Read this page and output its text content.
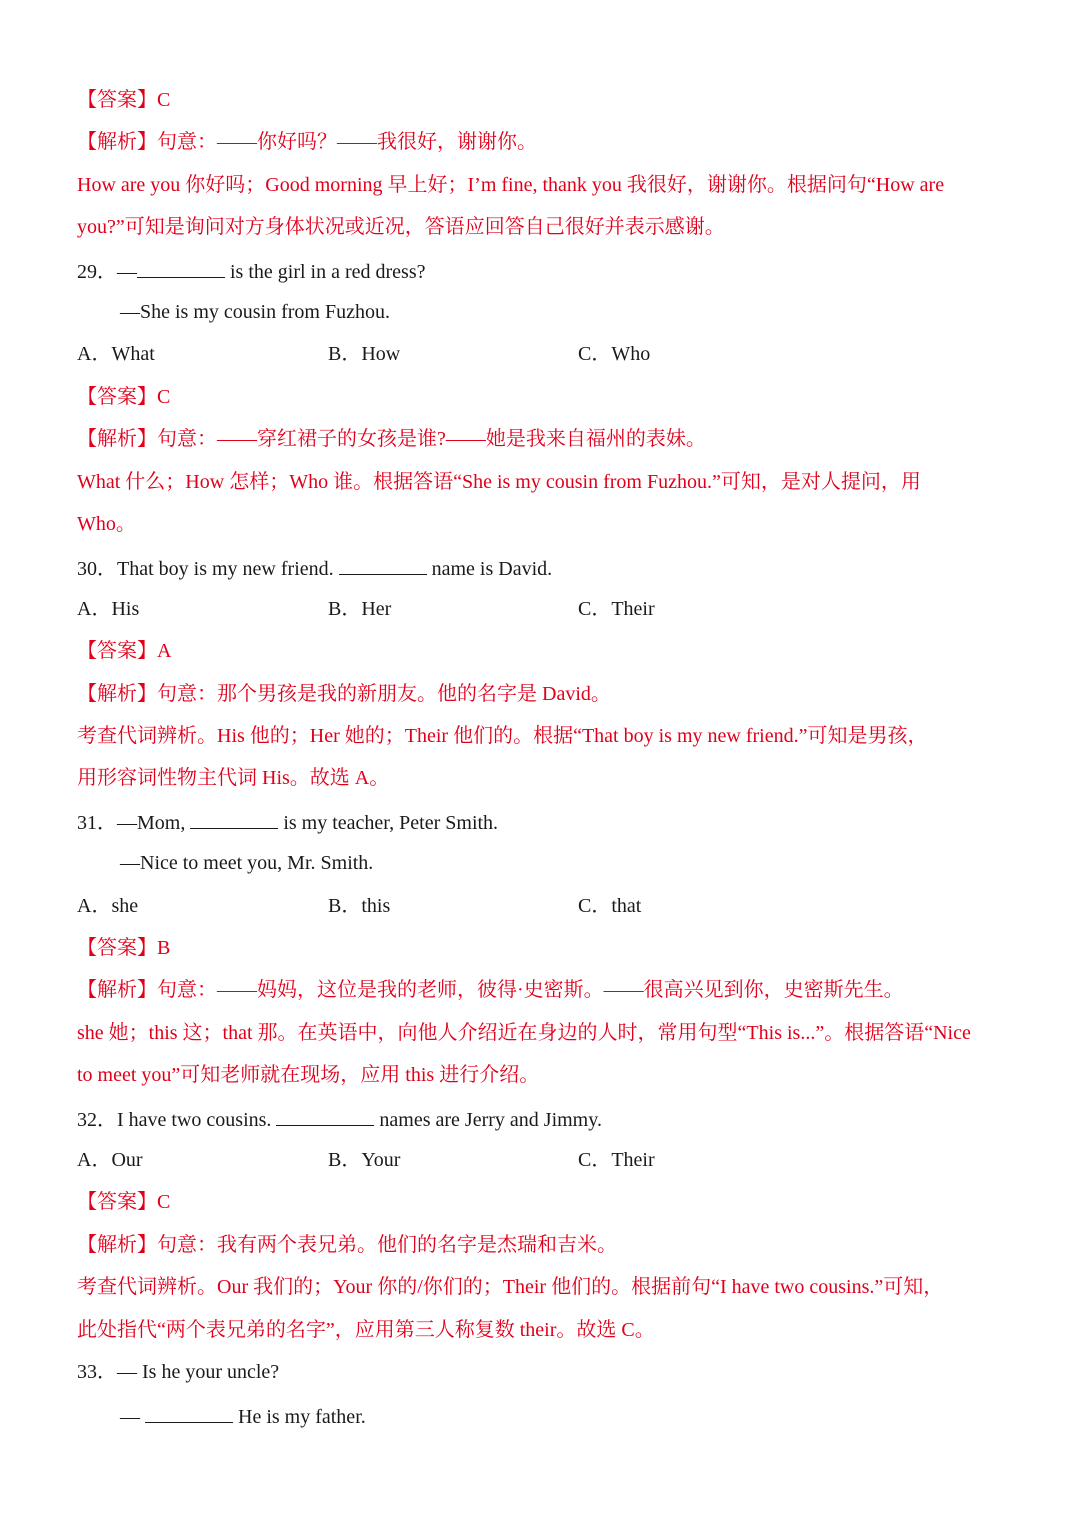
【答案】C
【解析】句意：——你好吗？——我很好，谢谢你。
How are you 你好吗；Good morning 早上好；I’m fine, thank you 我很好，谢谢你。根据问句“How are
you?”可知是询问对方身体状况或近况，答语应回答自己很好并表示感谢。
29．—	is the girl in a red dress?
—She is my cousin from Fuzhou.
A．What	B．How	C．Who
【答案】C
【解析】句意：——穿红裙子的女孩是谁?——她是我来自福州的表妹。
What 什么；How 怎样；Who 谁。根据答语“She is my cousin from Fuzhou.”可知，是对人提问，用
Who。
30．That boy is my new friend.	name is David.
A．His	B．Her	C．Their
【答案】A
【解析】句意：那个男孩是我的新朋友。他的名字是 David。
考查代词辨析。His 他的；Her 她的；Their 他们的。根据“That boy is my new friend.”可知是男孩，
用形容词性物主代词 His。故选 A。
31．—Mom,	is my teacher, Peter Smith.
—Nice to meet you, Mr. Smith.
A．she	B．this	C．that
【答案】B
【解析】句意：——妈妈，这位是我的老师，彼得·史密斯。——很高兴见到你，史密斯先生。
she 她；this 这；that 那。在英语中，向他人介绍近在身边的人时，常用句型“This is...”。根据答语“Nice
to meet you”可知老师就在现场，应用 this 进行介绍。
32．I have two cousins.	names are Jerry and Jimmy.
A．Our	B．Your	C．Their
【答案】C
【解析】句意：我有两个表兄弟。他们的名字是杰瑞和吉米。
考查代词辨析。Our 我们的；Your 你的/你们的；Their 他们的。根据前句“I have two cousins.”可知，
此处指代“两个表兄弟的名字”，应用第三人称复数 their。故选 C。
33．— Is he your uncle?
—	He is my father.
